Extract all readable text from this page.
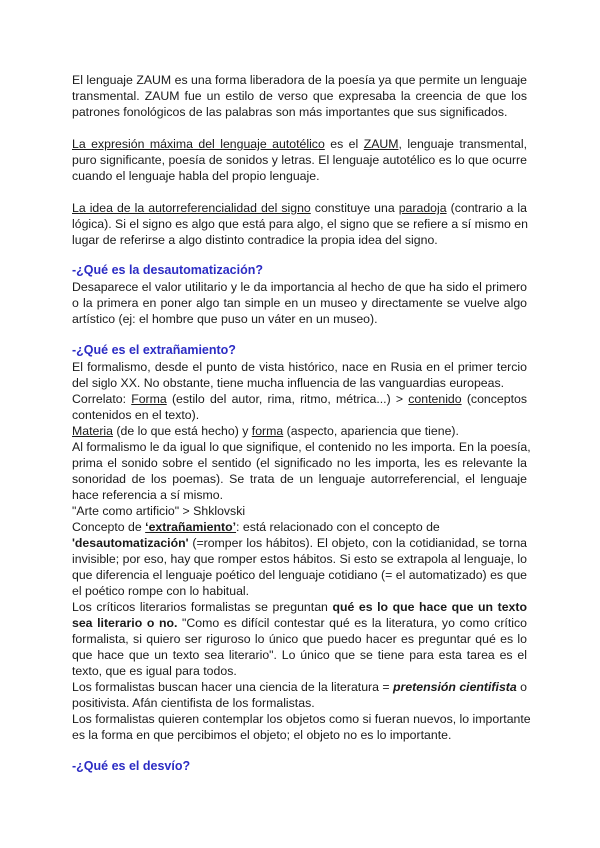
El lenguaje ZAUM es una forma liberadora de la poesía ya que permite un lenguaje
transmental. ZAUM fue un estilo de verso que expresaba la creencia de que los
patrones fonológicos de las palabras son más importantes que sus significados.
La expresión máxima del lenguaje autotélico es el ZAUM, lenguaje transmental,
puro significante, poesía de sonidos y letras. El lenguaje autotélico es lo que ocurre
cuando el lenguaje habla del propio lenguaje.
La idea de la autorreferencialidad del signo constituye una paradoja (contrario a la
lógica). Si el signo es algo que está para algo, el signo que se refiere a sí mismo en
lugar de referirse a algo distinto contradice la propia idea del signo.
-¿Qué es la desautomatización?
Desaparece el valor utilitario y le da importancia al hecho de que ha sido el primero
o la primera en poner algo tan simple en un museo y directamente se vuelve algo
artístico (ej: el hombre que puso un váter en un museo).
-¿Qué es el extrañamiento?
El formalismo, desde el punto de vista histórico, nace en Rusia en el primer tercio
del siglo XX. No obstante, tiene mucha influencia de las vanguardias europeas.
Correlato: Forma (estilo del autor, rima, ritmo, métrica...) > contenido (conceptos
contenidos en el texto).
Materia (de lo que está hecho) y forma (aspecto, apariencia que tiene).
Al formalismo le da igual lo que signifique, el contenido no les importa. En la poesía,
prima el sonido sobre el sentido (el significado no les importa, les es relevante la
sonoridad de los poemas). Se trata de un lenguaje autorreferencial, el lenguaje
hace referencia a sí mismo.
"Arte como artificio" > Shklovski
Concepto de ‘extrañamiento’: está relacionado con el concepto de
'desautomatización' (=romper los hábitos). El objeto, con la cotidianidad, se torna
invisible; por eso, hay que romper estos hábitos. Si esto se extrapola al lenguaje, lo
que diferencia el lenguaje poético del lenguaje cotidiano (= el automatizado) es que
el poético rompe con lo habitual.
Los críticos literarios formalistas se preguntan qué es lo que hace que un texto
sea literario o no. "Como es difícil contestar qué es la literatura, yo como crítico
formalista, si quiero ser riguroso lo único que puedo hacer es preguntar qué es lo
que hace que un texto sea literario". Lo único que se tiene para esta tarea es el
texto, que es igual para todos.
Los formalistas buscan hacer una ciencia de la literatura = pretensión cientifista o
positivista. Afán cientifista de los formalistas.
Los formalistas quieren contemplar los objetos como si fueran nuevos, lo importante
es la forma en que percibimos el objeto; el objeto no es lo importante.
-¿Qué es el desvío?
